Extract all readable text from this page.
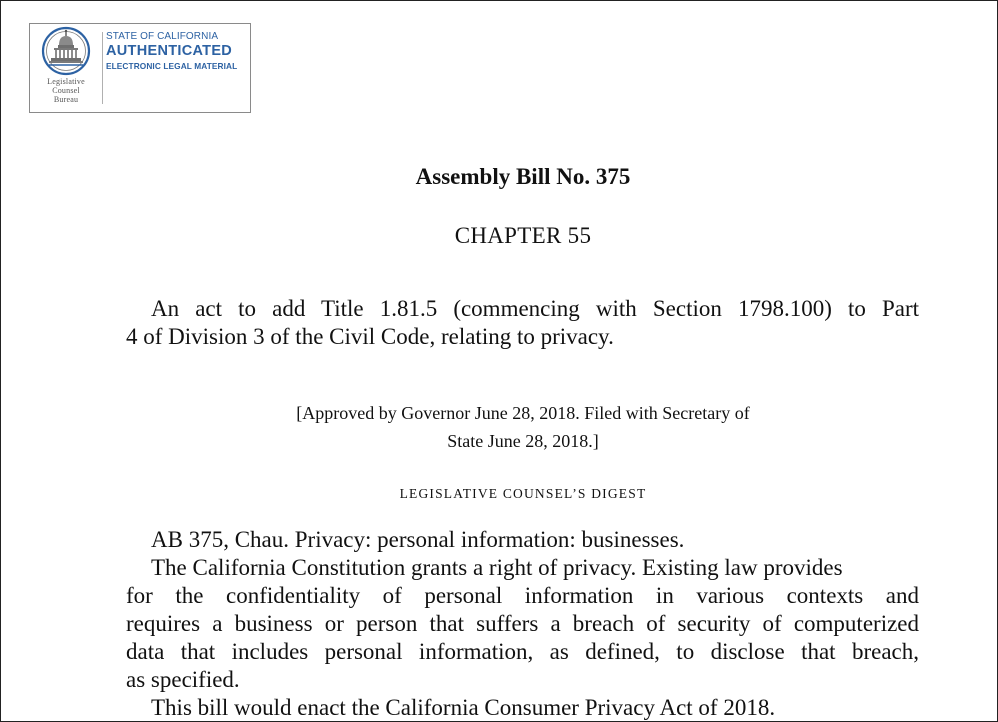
Legislative
Counsel
Bureau
STATE OF CALIFORNIA
AUTHENTICATED
ELECTRONIC LEGAL MATERIAL
Assembly Bill No. 375
CHAPTER 55
An act to add Title 1.81.5 (commencing with Section 1798.100) to Part
4 of Division 3 of the Civil Code, relating to privacy.
[Approved by Governor June 28, 2018. Filed with Secretary of
State June 28, 2018.]
LEGISLATIVE COUNSEL’S DIGEST
AB 375, Chau. Privacy: personal information: businesses.
The California Constitution grants a right of privacy. Existing law provides
for the confidentiality of personal information in various contexts and
requires a business or person that suffers a breach of security of computerized
data that includes personal information, as defined, to disclose that breach,
as specified.
This bill would enact the California Consumer Privacy Act of 2018.
